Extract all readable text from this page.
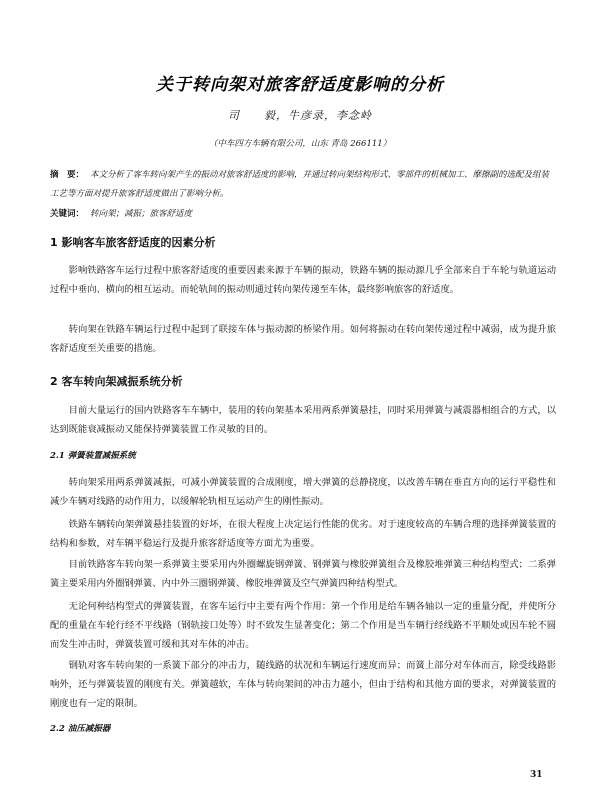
关于转向架对旅客舒适度影响的分析
司　　毅，牛彦录，李念岭
（中车四方车辆有限公司，山东 青岛 266111）

摘　要： 本文分析了客车转向架产生的振动对旅客舒适度的影响，并通过转向架结构形式、零部件的机械加工、摩擦副的选配及组装工艺等方面对提升旅客舒适度做出了影响分析。

关键词： 转向架；减振；旅客舒适度

1 影响客车旅客舒适度的因素分析

影响铁路客车运行过程中旅客舒适度的重要因素来源于车辆的振动，铁路车辆的振动源几乎全部来自于车轮与轨道运动过程中垂向、横向的相互运动。而轮轨间的振动则通过转向架传递至车体，最终影响旅客的舒适度。

转向架在铁路车辆运行过程中起到了联接车体与振动源的桥梁作用。如何将振动在转向架传递过程中减弱，成为提升旅客舒适度至关重要的措施。

2 客车转向架减振系统分析

目前大量运行的国内铁路客车车辆中，装用的转向架基本采用两系弹簧悬挂，同时采用弹簧与减震器相组合的方式，以达到既能衰减振动又能保持弹簧装置工作灵敏的目的。

2.1 弹簧装置减振系统

转向架采用两系弹簧减振，可减小弹簧装置的合成刚度，增大弹簧的总静挠度，以改善车辆在垂直方向的运行平稳性和减少车辆对线路的动作用力，以缓解轮轨相互运动产生的刚性振动。

铁路车辆转向架弹簧悬挂装置的好坏，在很大程度上决定运行性能的优劣。对于速度较高的车辆合理的选择弹簧装置的结构和参数，对车辆平稳运行及提升旅客舒适度等方面尤为重要。

目前铁路客车转向架一系弹簧主要采用内外圈螺旋钢弹簧、钢弹簧与橡胶弹簧组合及橡胶堆弹簧三种结构型式；二系弹簧主要采用内外圈钢弹簧、内中外三圈钢弹簧、橡胶堆弹簧及空气弹簧四种结构型式。

无论何种结构型式的弹簧装置，在客车运行中主要有两个作用：第一个作用是给车辆各轴以一定的重量分配，并使所分配的重量在车轮行经不平线路（钢轨接口处等）时不致发生显著变化；第二个作用是当车辆行经线路不平顺处或因车轮不圆而发生冲击时，弹簧装置可缓和其对车体的冲击。

钢轨对客车转向架的一系簧下部分的冲击力，随线路的状况和车辆运行速度而异；而簧上部分对车体而言，除受线路影响外，还与弹簧装置的刚度有关。弹簧越软，车体与转向架间的冲击力越小，但由于结构和其他方面的要求，对弹簧装置的刚度也有一定的限制。

2.2 油压减振器

31
